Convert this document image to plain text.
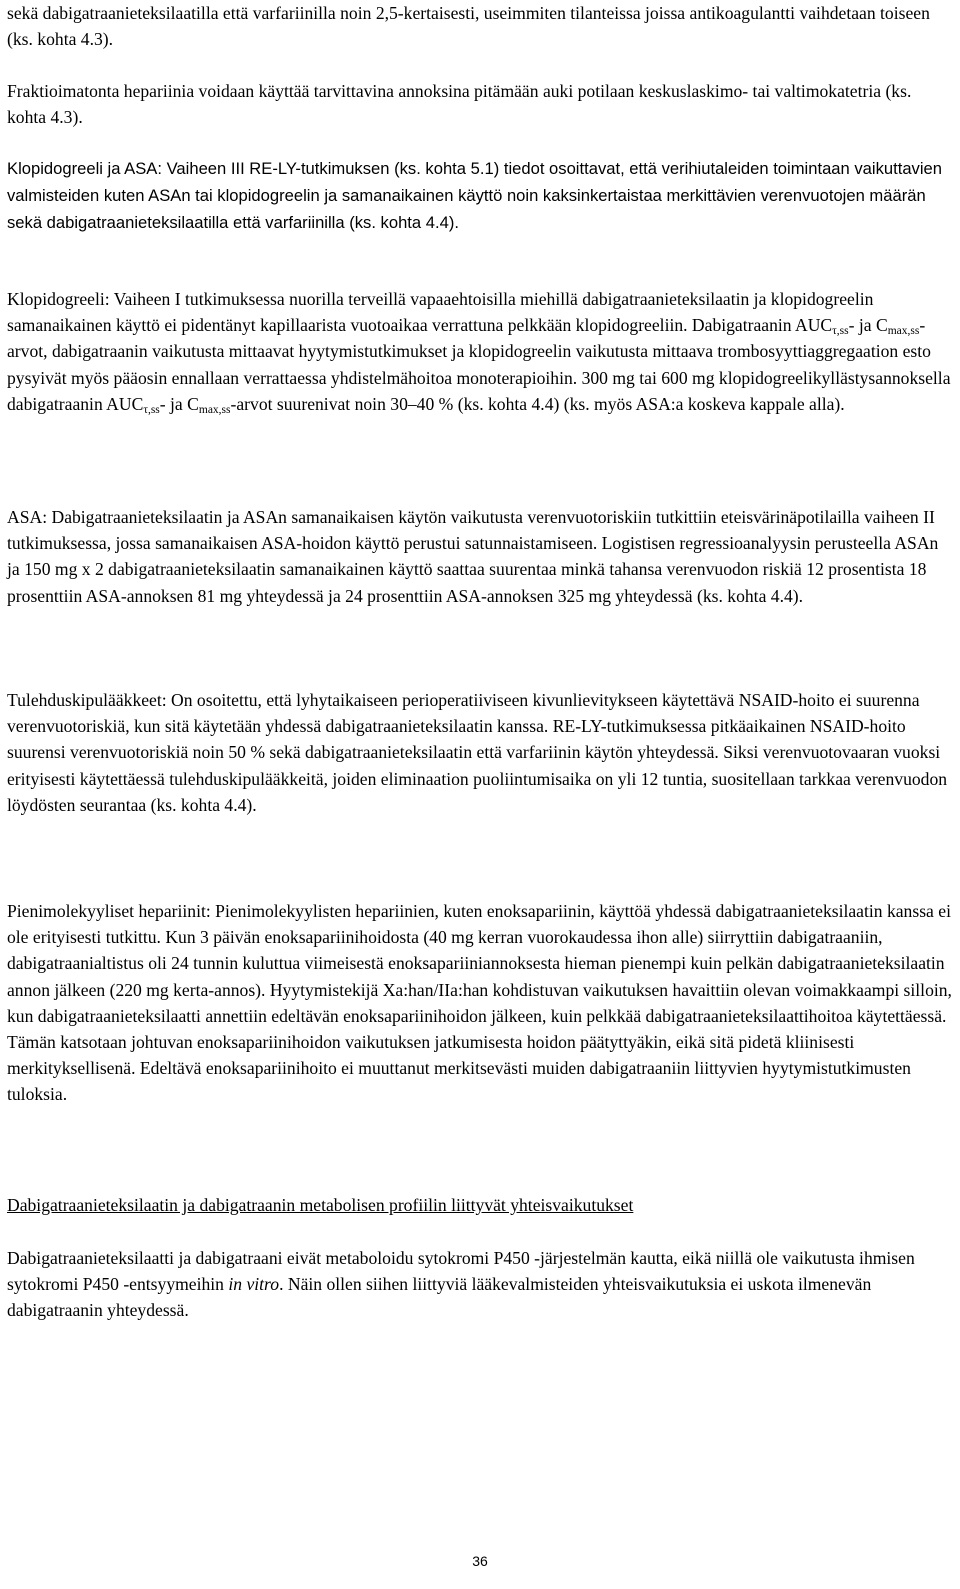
sekä dabigatraanieteksilaatilla että varfariinilla noin 2,5-kertaisesti, useimmiten tilanteissa joissa antikoagulantti vaihdetaan toiseen (ks. kohta 4.3).

Fraktioimatonta hepariinia voidaan käyttää tarvittavina annoksina pitämään auki potilaan keskuslaskimo- tai valtimokatetria (ks. kohta 4.3).

Klopidogreeli ja ASA: Vaiheen III RE-LY-tutkimuksen (ks. kohta 5.1) tiedot osoittavat, että verihiutaleiden toimintaan vaikuttavien valmisteiden kuten ASAn tai klopidogreelin ja samanaikainen käyttö noin kaksinkertaistaa merkittävien verenvuotojen määrän sekä dabigatraanieteksilaatilla että varfariinilla (ks. kohta 4.4).

Klopidogreeli: Vaiheen I tutkimuksessa nuorilla terveillä vapaaehtoisilla miehillä dabigatraanieteksilaatin ja klopidogreelin samanaikainen käyttö ei pidentänyt kapillaarista vuotoaikaa verrattuna pelkkään klopidogreeliin. Dabigatraanin $AUC_{\tau,ss}-$ ja $C_{max,ss}$-arvot, dabigatraanin vaikutusta mittaavat hyytymistutkimukset ja klopidogreelin vaikutusta mittaava trombosyyttiaggregaation esto pysyivät myös pääosin ennallaan verrattaessa yhdistelmähoitoa monoterapioihin. 300 mg tai 600 mg klopidogreelikyllästysannoksella dabigatraanin $AUC_{\tau,ss}-$ ja $C_{max,ss}$-arvot suurenivat noin 30–40 % (ks. kohta 4.4) (ks. myös ASA:a koskeva kappale alla).

ASA: Dabigatraanieteksilaatin ja ASAn samanaikaisen käytön vaikutusta verenvuotoriskiin tutkittiin eteisvärinäpotilailla vaiheen II tutkimuksessa, jossa samanaikaisen ASA-hoidon käyttö perustui satunnaistamiseen. Logistisen regressioanalyysin perusteella ASAn ja 150 mg x 2 dabigatraanieteksilaatin samanaikainen käyttö saattaa suurentaa minkä tahansa verenvuodon riskiä 12 prosentista 18 prosenttiin ASA-annoksen 81 mg yhteydessä ja 24 prosenttiin ASA-annoksen 325 mg yhteydessä (ks. kohta 4.4).

Tulehduskipulääkkeet: On osoitettu, että lyhytaikaiseen perioperatiiviseen kivunlievitykseen käytettävä NSAID-hoito ei suurenna verenvuotoriskiä, kun sitä käytetään yhdessä dabigatraanieteksilaatin kanssa. RE-LY-tutkimuksessa pitkäaikainen NSAID-hoito suurensi verenvuotoriskiä noin 50 % sekä dabigatraanieteksilaatin että varfariinin käytön yhteydessä. Siksi verenvuotovaaran vuoksi erityisesti käytettäessä tulehduskipulääkkeitä, joiden eliminaation puoliintumisaika on yli 12 tuntia, suositellaan tarkkaa verenvuodon löydösten seurantaa (ks. kohta 4.4).

Pienimolekyyliset hepariinit: Pienimolekyylisten hepariinien, kuten enoksapariinin, käyttöä yhdessä dabigatraanieteksilaatin kanssa ei ole erityisesti tutkittu. Kun 3 päivän enoksapariinihoidosta (40 mg kerran vuorokaudessa ihon alle) siirryttiin dabigatraaniin, dabigatraanialtistus oli 24 tunnin kuluttua viimeisestä enoksapariiniannoksesta hieman pienempi kuin pelkän dabigatraanieteksilaatin annon jälkeen (220 mg kerta-annos). Hyytymistekijä Xa:han/IIa:han kohdistuvan vaikutuksen havaittiin olevan voimakkaampi silloin, kun dabigatraanieteksilaatti annettiin edeltävän enoksapariinihoidon jälkeen, kuin pelkkää dabigatraanieteksilaattihoitoa käytettäessä. Tämän katsotaan johtuvan enoksapariinihoidon vaikutuksen jatkumisesta hoidon päätyttyäkin, eikä sitä pidetä kliinisesti merkityksellisenä. Edeltävä enoksapariinihoito ei muuttanut merkitsevästi muiden dabigatraaniin liittyvien hyytymistutkimusten tuloksia.

Dabigatraanieteksilaatin ja dabigatraanin metabolisen profiilin liittyvät yhteisvaikutukset

Dabigatraanieteksilaatti ja dabigatraani eivät metaboloidu sytokromi P450 -järjestelmän kautta, eikä niillä ole vaikutusta ihmisen sytokromi P450 -entsyymeihin in vitro. Näin ollen siihen liittyviä lääkevalmisteiden yhteisvaikutuksia ei uskota ilmenevän dabigatraanin yhteydessä.

36
